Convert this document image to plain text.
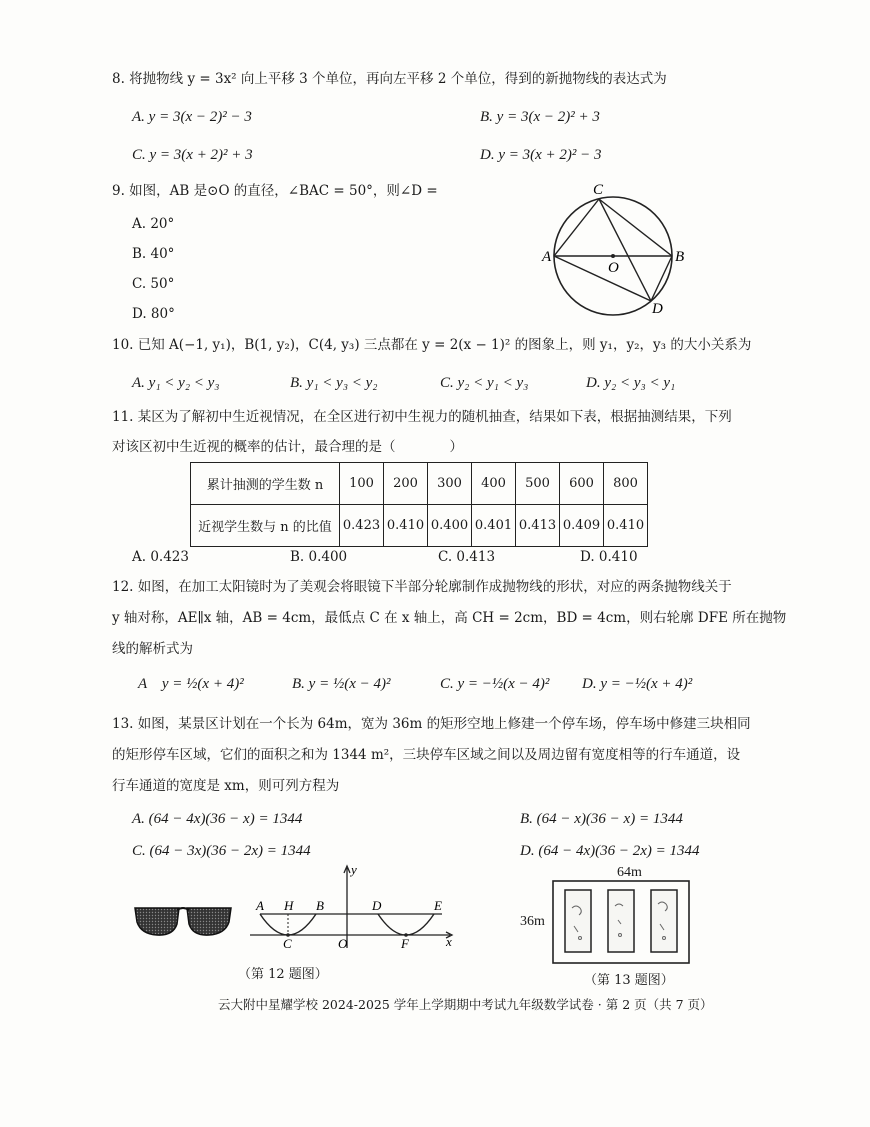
8. 将抛物线 y = 3x² 向上平移 3 个单位，再向左平移 2 个单位，得到的新抛物线的表达式为
A. y = 3(x − 2)² − 3	B. y = 3(x − 2)² + 3
C. y = 3(x + 2)² + 3	D. y = 3(x + 2)² − 3
9. 如图，AB 是⊙O 的直径，∠BAC = 50°，则∠D =
A. 20°
B. 40°
C. 50°
D. 80°
C
A	B
O
D
10. 已知 A(−1, y₁)，B(1, y₂)，C(4, y₃) 三点都在 y = 2(x − 1)² 的图象上，则 y₁，y₂，y₃ 的大小关系为
A. y₁ < y₂ < y₃	B. y₁ < y₃ < y₂	C. y₂ < y₁ < y₃	D. y₂ < y₃ < y₁
11. 某区为了解初中生近视情况，在全区进行初中生视力的随机抽查，结果如下表，根据抽测结果，下列
对该区初中生近视的概率的估计，最合理的是（　　　　）
累计抽测的学生数 n	100	200	300	400	500	600	800
近视学生数与 n 的比值	0.423	0.410	0.400	0.401	0.413	0.409	0.410
A. 0.423	B. 0.400	C. 0.413	D. 0.410
12. 如图，在加工太阳镜时为了美观会将眼镜下半部分轮廓制作成抛物线的形状，对应的两条抛物线关于
y 轴对称，AE∥x 轴，AB = 4cm，最低点 C 在 x 轴上，高 CH = 2cm，BD = 4cm，则右轮廓 DFE 所在抛物
线的解析式为
A　y = ½(x + 4)²	B. y = ½(x − 4)²	C. y = −½(x − 4)² D. y = −½(x + 4)²
13. 如图，某景区计划在一个长为 64m，宽为 36m 的矩形空地上修建一个停车场，停车场中修建三块相同
的矩形停车区域，它们的面积之和为 1344 m²，三块停车区域之间以及周边留有宽度相等的行车通道，设
行车通道的宽度是 xm，则可列方程为
A. (64 − 4x)(36 − x) = 1344	B. (64 − x)(36 − x) = 1344
C. (64 − 3x)(36 − 2x) = 1344	D. (64 − 4x)(36 − 2x) = 1344
A H B	D	E
C	O	F	x
y
（第 12 题图）
64m
36m
（第 13 题图）
云大附中星耀学校 2024-2025 学年上学期期中考试九年级数学试卷 · 第 2 页（共 7 页）
